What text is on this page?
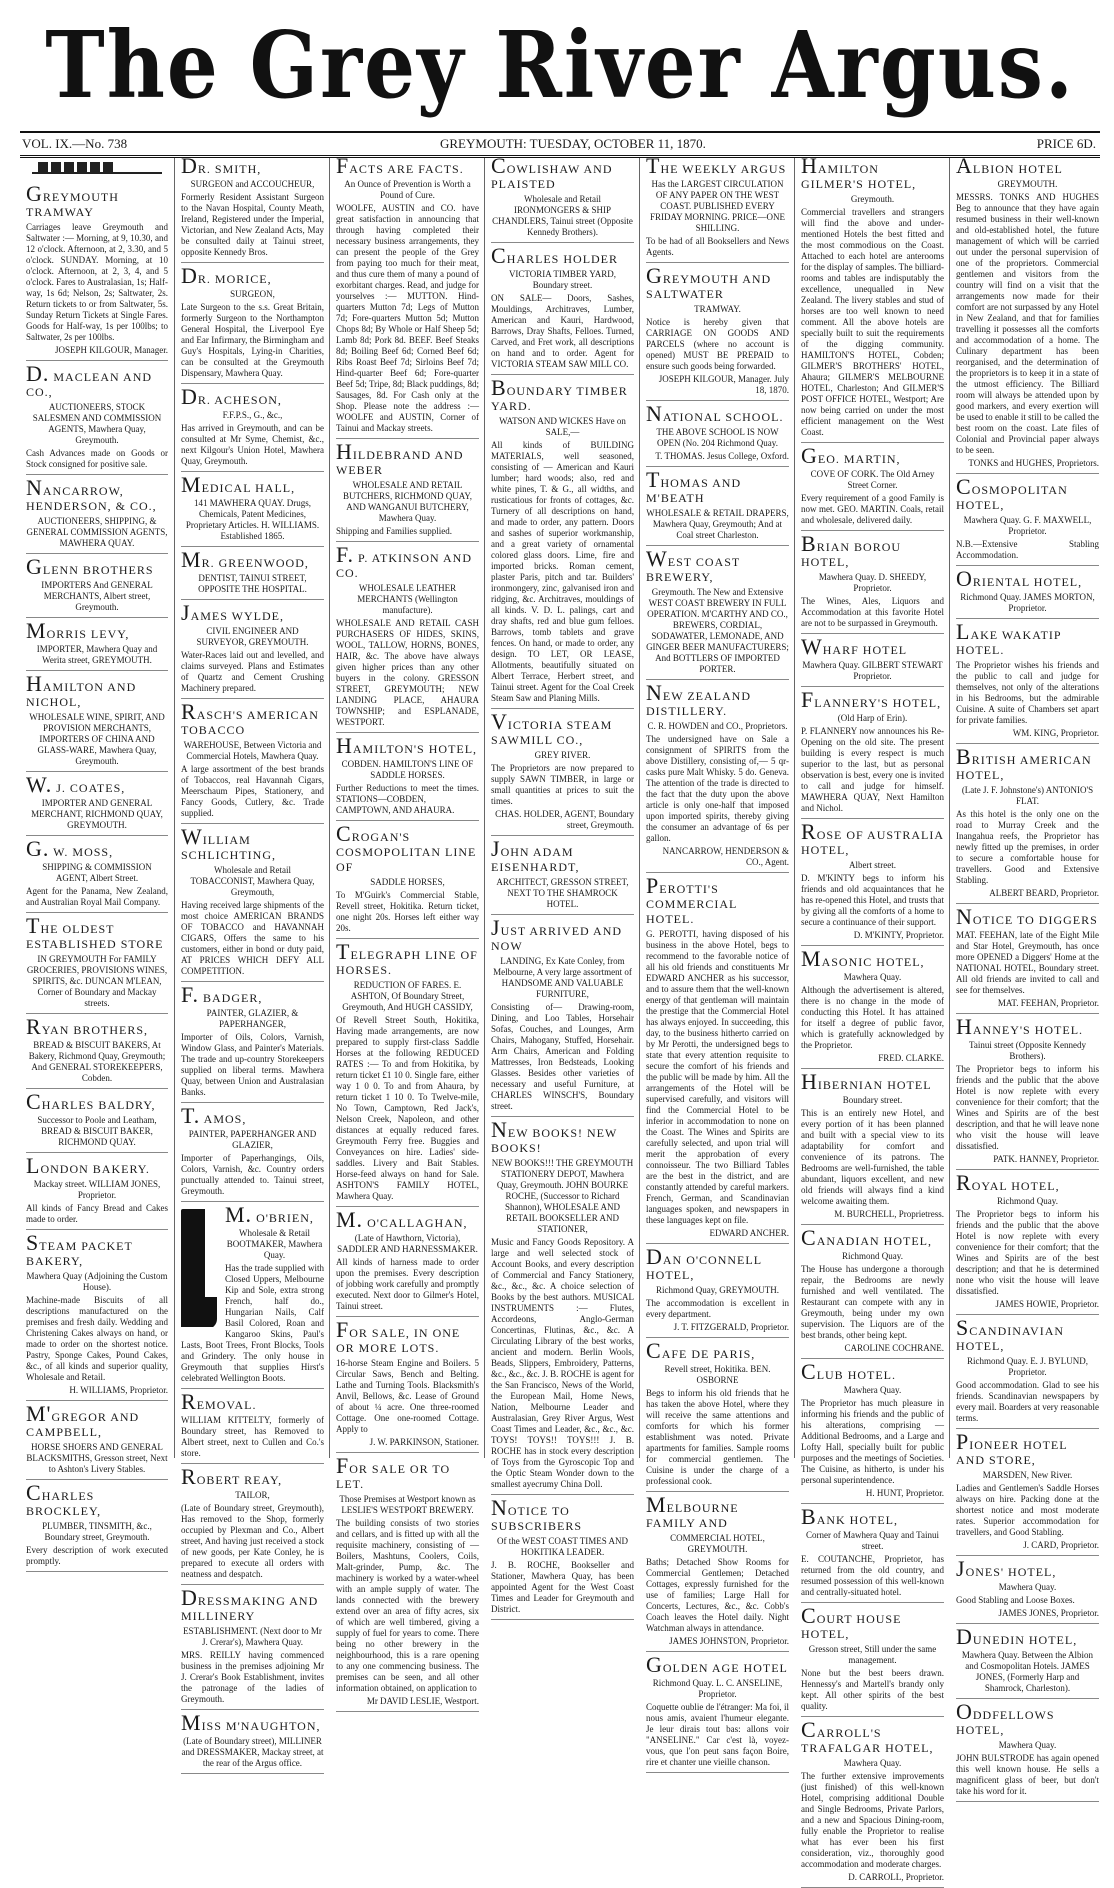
The Grey River Argus.
VOL. IX.—No. 738	GREYMOUTH: TUESDAY, OCTOBER 11, 1870.	PRICE 6D.
GREYMOUTH TRAMWAY
Carriages leave Greymouth and Saltwater :— Morning, at 9, 10.30, and 12 o'clock. Afternoon, at 2, 3.30, and 5 o'clock. SUNDAY. Morning, at 10 o'clock. Afternoon, at 2, 3, 4, and 5 o'clock. Fares to Australasian, 1s; Half-way, 1s 6d; Nelson, 2s; Saltwater, 2s. Return tickets to or from Saltwater, 5s. Sunday Return Tickets at Single Fares. Goods for Half-way, 1s per 100lbs; to Saltwater, 2s per 100lbs.
JOSEPH KILGOUR, Manager.
D. MACLEAN AND CO.,
AUCTIONEERS, STOCK SALESMEN AND COMMISSION AGENTS, Mawhera Quay, Greymouth.
Cash Advances made on Goods or Stock consigned for positive sale.
NANCARROW, HENDERSON, & CO.,
AUCTIONEERS, SHIPPING, & GENERAL COMMISSION AGENTS, MAWHERA QUAY.
GLENN BROTHERS
IMPORTERS And GENERAL MERCHANTS, Albert street, Greymouth.
MORRIS LEVY,
IMPORTER, Mawhera Quay and Werita street, GREYMOUTH.
HAMILTON AND NICHOL,
WHOLESALE WINE, SPIRIT, AND PROVISION MERCHANTS, IMPORTERS OF CHINA AND GLASS-WARE, Mawhera Quay, Greymouth.
W. J. COATES,
IMPORTER AND GENERAL MERCHANT, RICHMOND QUAY, GREYMOUTH.
G. W. MOSS,
SHIPPING & COMMISSION AGENT, Albert Street.
Agent for the Panama, New Zealand, and Australian Royal Mail Company.
THE OLDEST ESTABLISHED STORE
IN GREYMOUTH For FAMILY GROCERIES, PROVISIONS WINES, SPIRITS, &c. DUNCAN M'LEAN, Corner of Boundary and Mackay streets.
RYAN BROTHERS,
BREAD & BISCUIT BAKERS, At Bakery, Richmond Quay, Greymouth; And GENERAL STOREKEEPERS, Cobden.
CHARLES BALDRY,
Successor to Poole and Leatham, BREAD & BISCUIT BAKER, RICHMOND QUAY.
LONDON BAKERY.
Mackay street. WILLIAM JONES, Proprietor.
All kinds of Fancy Bread and Cakes made to order.
STEAM PACKET BAKERY,
Mawhera Quay (Adjoining the Custom House).
Machine-made Biscuits of all descriptions manufactured on the premises and fresh daily. Wedding and Christening Cakes always on hand, or made to order on the shortest notice. Pastry, Sponge Cakes, Pound Cakes, &c., of all kinds and superior quality, Wholesale and Retail.
H. WILLIAMS, Proprietor.
M'GREGOR AND CAMPBELL,
HORSE SHOERS AND GENERAL BLACKSMITHS, Gresson street, Next to Ashton's Livery Stables.
CHARLES BROCKLEY,
PLUMBER, TINSMITH, &c., Boundary street, Greymouth.
Every description of work executed promptly.
DR. SMITH,
SURGEON and ACCOUCHEUR,
Formerly Resident Assistant Surgeon to the Navan Hospital, County Meath, Ireland, Registered under the Imperial, Victorian, and New Zealand Acts, May be consulted daily at Tainui street, opposite Kennedy Bros.
DR. MORICE,
SURGEON,
Late Surgeon to the s.s. Great Britain, formerly Surgeon to the Northampton General Hospital, the Liverpool Eye and Ear Infirmary, the Birmingham and Guy's Hospitals, Lying-in Charities, can be consulted at the Greymouth Dispensary, Mawhera Quay.
DR. ACHESON,
F.F.P.S., G., &c.,
Has arrived in Greymouth, and can be consulted at Mr Syme, Chemist, &c., next Kilgour's Union Hotel, Mawhera Quay, Greymouth.
MEDICAL HALL,
141 MAWHERA QUAY. Drugs, Chemicals, Patent Medicines, Proprietary Articles. H. WILLIAMS. Established 1865.
MR. GREENWOOD,
DENTIST, TAINUI STREET, OPPOSITE THE HOSPITAL.
JAMES WYLDE,
CIVIL ENGINEER AND SURVEYOR, GREYMOUTH.
Water-Races laid out and levelled, and claims surveyed. Plans and Estimates of Quartz and Cement Crushing Machinery prepared.
RASCH'S AMERICAN TOBACCO
WAREHOUSE, Between Victoria and Commercial Hotels, Mawhera Quay.
A large assortment of the best brands of Tobaccos, real Havannah Cigars, Meerschaum Pipes, Stationery, and Fancy Goods, Cutlery, &c. Trade supplied.
WILLIAM SCHLICHTING,
Wholesale and Retail TOBACCONIST, Mawhera Quay, Greymouth,
Having received large shipments of the most choice AMERICAN BRANDS OF TOBACCO and HAVANNAH CIGARS, Offers the same to his customers, either in bond or duty paid, AT PRICES WHICH DEFY ALL COMPETITION.
F. BADGER,
PAINTER, GLAZIER, & PAPERHANGER,
Importer of Oils, Colors, Varnish, Window Glass, and Painter's Materials. The trade and up-country Storekeepers supplied on liberal terms. Mawhera Quay, between Union and Australasian Banks.
T. AMOS,
PAINTER, PAPERHANGER AND GLAZIER,
Importer of Paperhangings, Oils, Colors, Varnish, &c. Country orders punctually attended to. Tainui street, Greymouth.
M. O'BRIEN,
Wholesale & Retail BOOTMAKER, Mawhera Quay.
Has the trade supplied with Closed Uppers, Melbourne Kip and Sole, extra strong French, half do., Hungarian Nails, Calf Basil Colored, Roan and Kangaroo Skins, Paul's Lasts, Boot Trees, Front Blocks, Tools and Grindery. The only house in Greymouth that supplies Hirst's celebrated Wellington Boots.
REMOVAL.
WILLIAM KITTELTY, formerly of Boundary street, has Removed to Albert street, next to Cullen and Co.'s store.
ROBERT REAY,
TAILOR,
(Late of Boundary street, Greymouth), Has removed to the Shop, formerly occupied by Plexman and Co., Albert street, And having just received a stock of new goods, per Kate Conley, he is prepared to execute all orders with neatness and despatch.
DRESSMAKING AND MILLINERY
ESTABLISHMENT. (Next door to Mr J. Crerar's), Mawhera Quay.
MRS. REILLY having commenced business in the premises adjoining Mr J. Crerar's Book Establishment, invites the patronage of the ladies of Greymouth.
MISS M'NAUGHTON,
(Late of Boundary street), MILLINER and DRESSMAKER, Mackay street, at the rear of the Argus office.
FACTS ARE FACTS.
An Ounce of Prevention is Worth a Pound of Cure.
WOOLFE, AUSTIN and CO. have great satisfaction in announcing that through having completed their necessary business arrangements, they can present the people of the Grey from paying too much for their meat, and thus cure them of many a pound of exorbitant charges. Read, and judge for yourselves :— MUTTON. Hind-quarters Mutton 7d; Legs of Mutton 7d; Fore-quarters Mutton 5d; Mutton Chops 8d; By Whole or Half Sheep 5d; Lamb 8d; Pork 8d. BEEF. Beef Steaks 8d; Boiling Beef 6d; Corned Beef 6d; Ribs Roast Beef 7d; Sirloins Beef 7d; Hind-quarter Beef 6d; Fore-quarter Beef 5d; Tripe, 8d; Black puddings, 8d; Sausages, 8d. For Cash only at the Shop. Please note the address :— WOOLFE and AUSTIN, Corner of Tainui and Mackay streets.
HILDEBRAND AND WEBER
WHOLESALE AND RETAIL BUTCHERS, RICHMOND QUAY, AND WANGANUI BUTCHERY, Mawhera Quay.
Shipping and Families supplied.
F. P. ATKINSON AND CO.
WHOLESALE LEATHER MERCHANTS (Wellington manufacture).
WHOLESALE AND RETAIL CASH PURCHASERS OF HIDES, SKINS, WOOL, TALLOW, HORNS, BONES, HAIR, &c. The above have always given higher prices than any other buyers in the colony. GRESSON STREET, GREYMOUTH; NEW LANDING PLACE, AHAURA TOWNSHIP; and ESPLANADE, WESTPORT.
HAMILTON'S HOTEL,
COBDEN. HAMILTON'S LINE OF SADDLE HORSES.
Further Reductions to meet the times. STATIONS—COBDEN, CAMPTOWN, AND AHAURA.
CROGAN'S COSMOPOLITAN LINE OF
SADDLE HORSES,
To M'Guirk's Commercial Stable, Revell street, Hokitika. Return ticket, one night 20s. Horses left either way 20s.
TELEGRAPH LINE OF HORSES.
REDUCTION OF FARES. E. ASHTON, Of Boundary Street, Greymouth, And HUGH CASSIDY,
Of Revell Street South, Hokitika, Having made arrangements, are now prepared to supply first-class Saddle Horses at the following REDUCED RATES :— To and from Hokitika, by return ticket £1 10 0. Single fare, either way 1 0 0. To and from Ahaura, by return ticket 1 10 0. To Twelve-mile, No Town, Camptown, Red Jack's, Nelson Creek, Napoleon, and other distances at equally reduced fares. Greymouth Ferry free. Buggies and Conveyances on hire. Ladies' side-saddles. Livery and Bait Stables. Horse-feed always on hand for Sale. ASHTON'S FAMILY HOTEL, Mawhera Quay.
M. O'CALLAGHAN,
(Late of Hawthorn, Victoria), SADDLER AND HARNESSMAKER.
All kinds of harness made to order upon the premises. Every description of jobbing work carefully and promptly executed. Next door to Gilmer's Hotel, Tainui street.
FOR SALE, IN ONE OR MORE LOTS.
16-horse Steam Engine and Boilers. 5 Circular Saws, Bench and Belting. Lathe and Turning Tools. Blacksmith's Anvil, Bellows, &c. Lease of Ground of about ¼ acre. One three-roomed Cottage. One one-roomed Cottage. Apply to
J. W. PARKINSON, Stationer.
FOR SALE OR TO LET.
Those Premises at Westport known as LESLIE'S WESTPORT BREWERY.
The building consists of two stories and cellars, and is fitted up with all the requisite machinery, consisting of — Boilers, Mashtuns, Coolers, Coils, Malt-grinder, Pump, &c. The machinery is worked by a water-wheel with an ample supply of water. The lands connected with the brewery extend over an area of fifty acres, six of which are well timbered, giving a supply of fuel for years to come. There being no other brewery in the neighbourhood, this is a rare opening to any one commencing business. The premises can be seen, and all other information obtained, on application to
Mr DAVID LESLIE, Westport.
COWLISHAW AND PLAISTED
Wholesale and Retail IRONMONGERS & SHIP CHANDLERS, Tainui street (Opposite Kennedy Brothers).
CHARLES HOLDER
VICTORIA TIMBER YARD, Boundary street.
ON SALE— Doors, Sashes, Mouldings, Architraves, Lumber, American and Kauri, Hardwood, Barrows, Dray Shafts, Felloes. Turned, Carved, and Fret work, all descriptions on hand and to order. Agent for VICTORIA STEAM SAW MILL CO.
BOUNDARY TIMBER YARD.
WATSON AND WICKES Have on SALE,—
All kinds of BUILDING MATERIALS, well seasoned, consisting of — American and Kauri lumber; hard woods; also, red and white pines, T. & G., all widths, and rusticatious for fronts of cottages, &c. Turnery of all descriptions on hand, and made to order, any pattern. Doors and sashes of superior workmanship, and a great variety of ornamental colored glass doors. Lime, fire and imported bricks. Roman cement, plaster Paris, pitch and tar. Builders' ironmongery, zinc, galvanised iron and ridging, &c. Architraves, mouldings of all kinds. V. D. L. palings, cart and dray shafts, red and blue gum felloes. Barrows, tomb tablets and grave fences. On hand, or made to order, any design. TO LET, OR LEASE, Allotments, beautifully situated on Albert Terrace, Herbert street, and Tainui street. Agent for the Coal Creek Steam Saw and Planing Mills.
VICTORIA STEAM SAWMILL CO.,
GREY RIVER.
The Proprietors are now prepared to supply SAWN TIMBER, in large or small quantities at prices to suit the times.
CHAS. HOLDER, AGENT, Boundary street, Greymouth.
JOHN ADAM EISENHARDT,
ARCHITECT, GRESSON STREET, NEXT TO THE SHAMROCK HOTEL.
JUST ARRIVED AND NOW
LANDING, Ex Kate Conley, from Melbourne, A very large assortment of HANDSOME AND VALUABLE FURNITURE,
Consisting of— Drawing-room, Dining, and Loo Tables, Horsehair Sofas, Couches, and Lounges, Arm Chairs, Mahogany, Stuffed, Horsehair. Arm Chairs, American and Folding Mattresses, Iron Bedsteads, Looking Glasses. Besides other varieties of necessary and useful Furniture, at CHARLES WINSCH'S, Boundary street.
NEW BOOKS! NEW BOOKS!
NEW BOOKS!!! THE GREYMOUTH STATIONERY DEPOT, Mawhera Quay, Greymouth. JOHN BOURKE ROCHE, (Successor to Richard Shannon), WHOLESALE AND RETAIL BOOKSELLER AND STATIONER,
Music and Fancy Goods Repository. A large and well selected stock of Account Books, and every description of Commercial and Fancy Stationery, &c., &c., &c. A choice selection of Books by the best authors. MUSICAL INSTRUMENTS :— Flutes, Accordeons, Anglo-German Concertinas, Flutinas, &c., &c. A Circulating Library of the best works, ancient and modern. Berlin Wools, Beads, Slippers, Embroidery, Patterns, &c., &c., &c. J. B. ROCHE is agent for the San Francisco, News of the World, the European Mail, Home News, Nation, Melbourne Leader and Australasian, Grey River Argus, West Coast Times and Leader, &c., &c., &c. TOYS! TOYS!! TOYS!!! J. B. ROCHE has in stock every description of Toys from the Gyroscopic Top and the Optic Steam Wonder down to the smallest ayecrumy China Doll.
NOTICE TO SUBSCRIBERS
Of the WEST COAST TIMES AND HOKITIKA LEADER.
J. B. ROCHE, Bookseller and Stationer, Mawhera Quay, has been appointed Agent for the West Coast Times and Leader for Greymouth and District.
THE WEEKLY ARGUS
Has the LARGEST CIRCULATION OF ANY PAPER ON THE WEST COAST. PUBLISHED EVERY FRIDAY MORNING. PRICE—ONE SHILLING.
To be had of all Booksellers and News Agents.
GREYMOUTH AND SALTWATER
TRAMWAY.
Notice is hereby given that CARRIAGE ON GOODS AND PARCELS (where no account is opened) MUST BE PREPAID to ensure such goods being forwarded.
JOSEPH KILGOUR, Manager. July 18, 1870.
NATIONAL SCHOOL.
THE ABOVE SCHOOL IS NOW OPEN (No. 204 Richmond Quay.
T. THOMAS. Jesus College, Oxford.
THOMAS AND M'BEATH
WHOLESALE & RETAIL DRAPERS, Mawhera Quay, Greymouth; And at Coal street Charleston.
WEST COAST BREWERY,
Greymouth. The New and Extensive WEST COAST BREWERY IN FULL OPERATION. M'CARTHY AND CO., BREWERS, CORDIAL, SODAWATER, LEMONADE, AND GINGER BEER MANUFACTURERS; And BOTTLERS OF IMPORTED PORTER.
NEW ZEALAND DISTILLERY.
C. R. HOWDEN and CO., Proprietors.
The undersigned have on Sale a consignment of SPIRITS from the above Distillery, consisting of,— 5 qr-casks pure Malt Whisky. 5 do. Geneva. The attention of the trade is directed to the fact that the duty upon the above article is only one-half that imposed upon imported spirits, thereby giving the consumer an advantage of 6s per gallon.
NANCARROW, HENDERSON & CO., Agent.
PEROTTI'S COMMERCIAL HOTEL.
G. PEROTTI, having disposed of his business in the above Hotel, begs to recommend to the favorable notice of all his old friends and constituents Mr EDWARD ANCHER as his successor, and to assure them that the well-known energy of that gentleman will maintain the prestige that the Commercial Hotel has always enjoyed. In succeeding, this day, to the business hitherto carried on by Mr Perotti, the undersigned begs to state that every attention requisite to secure the comfort of his friends and the public will be made by him. All the arrangements of the Hotel will be supervised carefully, and visitors will find the Commercial Hotel to be inferior in accommodation to none on the Coast. The Wines and Spirits are carefully selected, and upon trial will merit the approbation of every connoisseur. The two Billiard Tables are the best in the district, and are constantly attended by careful markers. French, German, and Scandinavian languages spoken, and newspapers in these languages kept on file.
EDWARD ANCHER.
DAN O'CONNELL HOTEL,
Richmond Quay, GREYMOUTH.
The accommodation is excellent in every department.
J. T. FITZGERALD, Proprietor.
CAFE DE PARIS,
Revell street, Hokitika. BEN. OSBORNE
Begs to inform his old friends that he has taken the above Hotel, where they will receive the same attentions and comforts for which his former establishment was noted. Private apartments for families. Sample rooms for commercial gentlemen. The Cuisine is under the charge of a professional cook.
MELBOURNE FAMILY AND
COMMERCIAL HOTEL, GREYMOUTH.
Baths; Detached Show Rooms for Commercial Gentlemen; Detached Cottages, expressly furnished for the use of families; Large Hall for Concerts, Lectures, &c., &c. Cobb's Coach leaves the Hotel daily. Night Watchman always in attendance.
JAMES JOHNSTON, Proprietor.
GOLDEN AGE HOTEL
Richmond Quay. L. C. ANSELINE, Proprietor.
Coquette oublie de l'étranger: Ma foi, il nous amis, avaient l'humeur elegante. Je leur dirais tout bas: allons voir "ANSELINE." Car c'est là, voyez-vous, que l'on peut sans façon Boire, rire et chanter une vieille chanson.
HAMILTON GILMER'S HOTEL,
Greymouth.
Commercial travellers and strangers will find the above and under-mentioned Hotels the best fitted and the most commodious on the Coast. Attached to each hotel are anterooms for the display of samples. The billiard-rooms and tables are indisputably the excellence, unequalled in New Zealand. The livery stables and stud of horses are too well known to need comment. All the above hotels are specially built to suit the requirements of the digging community. HAMILTON'S HOTEL, Cobden; GILMER'S BROTHERS' HOTEL, Ahaura; GILMER'S MELBOURNE HOTEL, Charleston; And GILMER'S POST OFFICE HOTEL, Westport; Are now being carried on under the most efficient management on the West Coast.
GEO. MARTIN,
COVE OF CORK. The Old Arney Street Corner.
Every requirement of a good Family is now met. GEO. MARTIN. Coals, retail and wholesale, delivered daily.
BRIAN BOROU HOTEL,
Mawhera Quay. D. SHEEDY, Proprietor.
The Wines, Ales, Liquors and Accommodation at this favorite Hotel are not to be surpassed in Greymouth.
WHARF HOTEL
Mawhera Quay. GILBERT STEWART Proprietor.
FLANNERY'S HOTEL,
(Old Harp of Erin).
P. FLANNERY now announces his Re-Opening on the old site. The present building is every respect is much superior to the last, but as personal observation is best, every one is invited to call and judge for himself. MAWHERA QUAY, Next Hamilton and Nichol.
ROSE OF AUSTRALIA HOTEL,
Albert street.
D. M'KINTY begs to inform his friends and old acquaintances that he has re-opened this Hotel, and trusts that by giving all the comforts of a home to secure a continuance of their support.
D. M'KINTY, Proprietor.
MASONIC HOTEL,
Mawhera Quay.
Although the advertisement is altered, there is no change in the mode of conducting this Hotel. It has attained for itself a degree of public favor, which is gratefully acknowledged by the Proprietor.
FRED. CLARKE.
HIBERNIAN HOTEL
Boundary street.
This is an entirely new Hotel, and every portion of it has been planned and built with a special view to its adaptability for comfort and convenience of its patrons. The Bedrooms are well-furnished, the table abundant, liquors excellent, and new old friends will always find a kind welcome awaiting them.
M. BURCHELL, Proprietress.
CANADIAN HOTEL,
Richmond Quay.
The House has undergone a thorough repair, the Bedrooms are newly furnished and well ventilated. The Restaurant can compete with any in Greymouth, being under my own supervision. The Liquors are of the best brands, other being kept.
CAROLINE COCHRANE.
CLUB HOTEL.
Mawhera Quay.
The Proprietor has much pleasure in informing his friends and the public of his alterations, comprising — Additional Bedrooms, and a Large and Lofty Hall, specially built for public purposes and the meetings of Societies. The Cuisine, as hitherto, is under his personal superintendence.
H. HUNT, Proprietor.
BANK HOTEL,
Corner of Mawhera Quay and Tainui street.
E. COUTANCHE, Proprietor, has returned from the old country, and resumed possession of this well-known and centrally-situated hotel.
COURT HOUSE HOTEL,
Gresson street, Still under the same management.
None but the best beers drawn. Hennessy's and Martell's brandy only kept. All other spirits of the best quality.
CARROLL'S TRAFALGAR HOTEL,
Mawhera Quay.
The further extensive improvements (just finished) of this well-known Hotel, comprising additional Double and Single Bedrooms, Private Parlors, and a new and Spacious Dining-room, fully enable the Proprietor to realise what has ever been his first consideration, viz., thoroughly good accommodation and moderate charges.
D. CARROLL, Proprietor.
ALBION HOTEL
GREYMOUTH.
MESSRS. TONKS AND HUGHES Beg to announce that they have again resumed business in their well-known and old-established hotel, the future management of which will be carried out under the personal supervision of one of the proprietors. Commercial gentlemen and visitors from the country will find on a visit that the arrangements now made for their comfort are not surpassed by any Hotel in New Zealand, and that for families travelling it possesses all the comforts and accommodation of a home. The Culinary department has been reorganised, and the determination of the proprietors is to keep it in a state of the utmost efficiency. The Billiard room will always be attended upon by good markers, and every exertion will be used to enable it still to be called the best room on the coast. Late files of Colonial and Provincial paper always to be seen.
TONKS and HUGHES, Proprietors.
COSMOPOLITAN HOTEL,
Mawhera Quay. G. F. MAXWELL, Proprietor.
N.B.—Extensive Stabling Accommodation.
ORIENTAL HOTEL,
Richmond Quay. JAMES MORTON, Proprietor.
LAKE WAKATIP HOTEL.
The Proprietor wishes his friends and the public to call and judge for themselves, not only of the alterations in his Bedrooms, but the admirable Cuisine. A suite of Chambers set apart for private families.
WM. KING, Proprietor.
BRITISH AMERICAN HOTEL,
(Late J. F. Johnstone's) ANTONIO'S FLAT.
As this hotel is the only one on the road to Murray Creek and the Inangahua reefs, the Proprietor has newly fitted up the premises, in order to secure a comfortable house for travellers. Good and Extensive Stabling.
ALBERT BEARD, Proprietor.
NOTICE TO DIGGERS
MAT. FEEHAN, late of the Eight Mile and Star Hotel, Greymouth, has once more OPENED a Diggers' Home at the NATIONAL HOTEL, Boundary street. All old friends are invited to call and see for themselves.
MAT. FEEHAN, Proprietor.
HANNEY'S HOTEL.
Tainui street (Opposite Kennedy Brothers).
The Proprietor begs to inform his friends and the public that the above Hotel is now replete with every convenience for their comfort; that the Wines and Spirits are of the best description, and that he will leave none who visit the house will leave dissatisfied.
PATK. HANNEY, Proprietor.
ROYAL HOTEL,
Richmond Quay.
The Proprietor begs to inform his friends and the public that the above Hotel is now replete with every convenience for their comfort; that the Wines and Spirits are of the best description; and that he is determined none who visit the house will leave dissatisfied.
JAMES HOWIE, Proprietor.
SCANDINAVIAN HOTEL,
Richmond Quay. E. J. BYLUND, Proprietor.
Good accommodation. Glad to see his friends. Scandinavian newspapers by every mail. Boarders at very reasonable terms.
PIONEER HOTEL AND STORE,
MARSDEN, New River.
Ladies and Gentlemen's Saddle Horses always on hire. Packing done at the shortest notice and most moderate rates. Superior accommodation for travellers, and Good Stabling.
J. CARD, Proprietor.
JONES' HOTEL,
Mawhera Quay.
Good Stabling and Loose Boxes.
JAMES JONES, Proprietor.
DUNEDIN HOTEL,
Mawhera Quay. Between the Albion and Cosmopolitan Hotels. JAMES JONES, (Formerly Harp and Shamrock, Charleston).
ODDFELLOWS HOTEL,
Mawhera Quay.
JOHN BULSTRODE has again opened this well known house. He sells a magnificent glass of beer, but don't take his word for it.
